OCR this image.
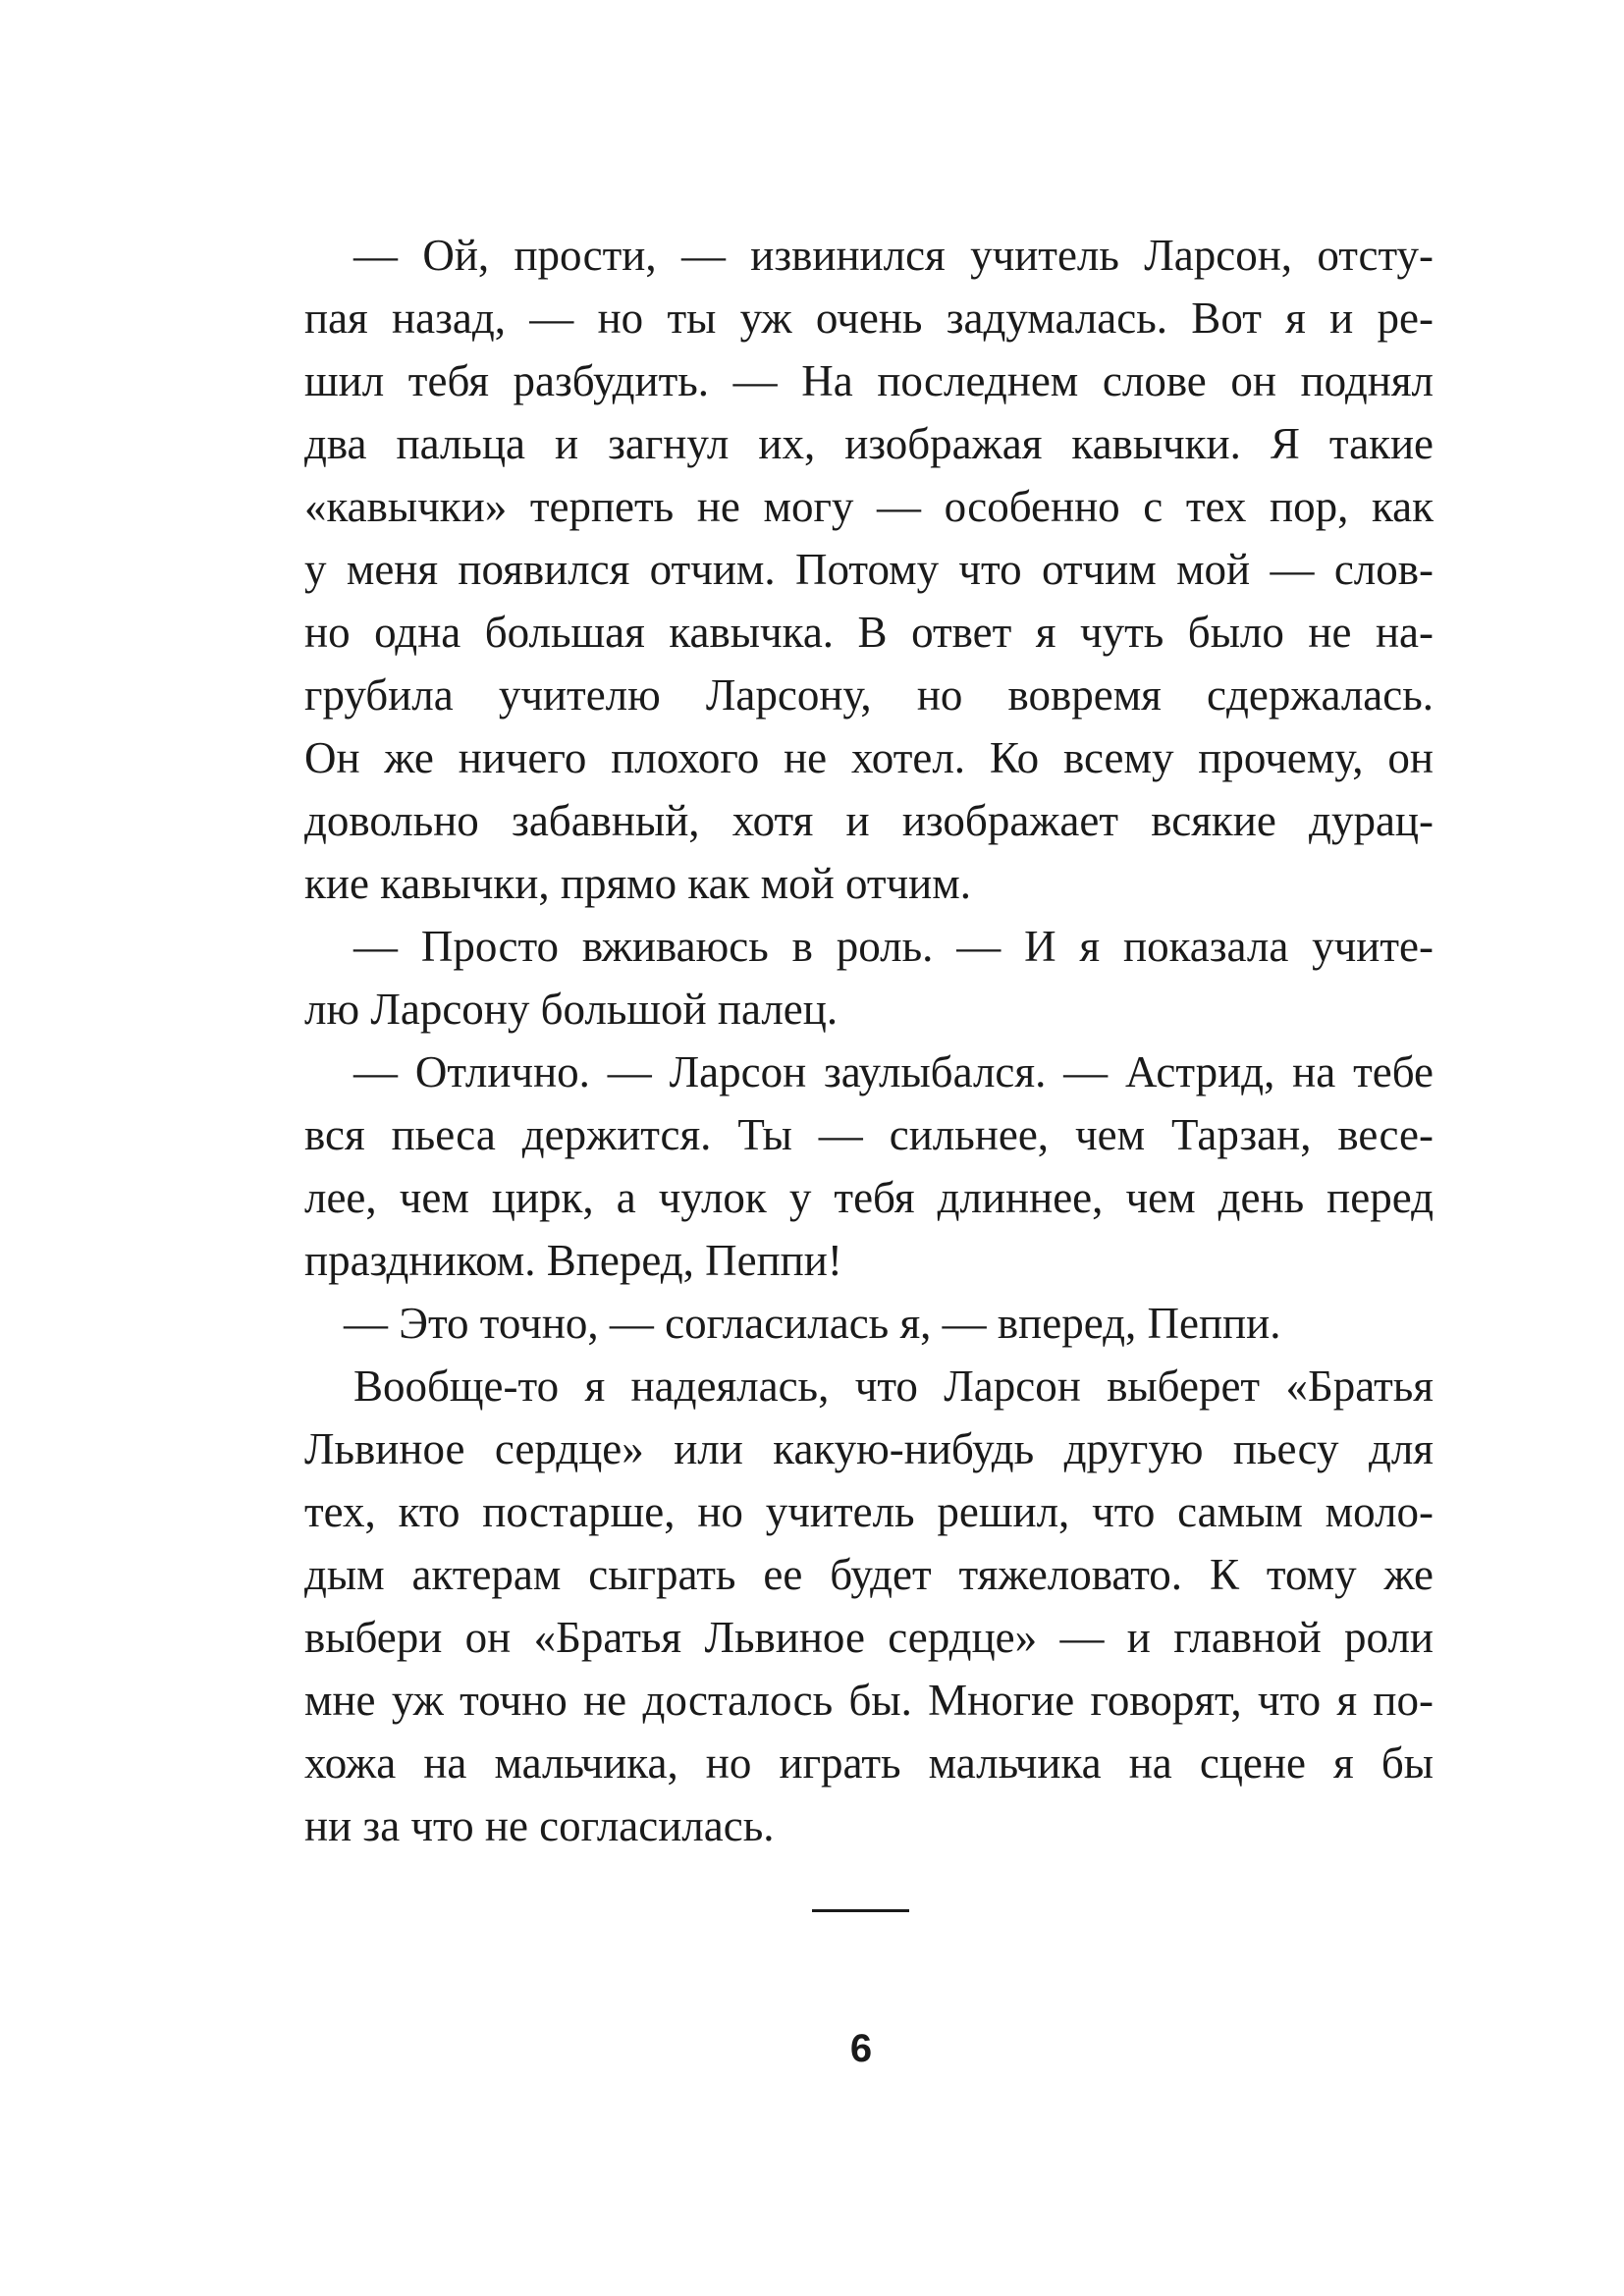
— Ой, прости, — извинился учитель Ларсон, отсту-
пая назад, — но ты уж очень задумалась. Вот я и ре-
шил тебя разбудить. — На последнем слове он поднял
два пальца и загнул их, изображая кавычки. Я такие
«кавычки» терпеть не могу — особенно с тех пор, как
у меня появился отчим. Потому что отчим мой — слов-
но одна большая кавычка. В ответ я чуть было не на-
грубила учителю Ларсону, но вовремя сдержалась.
Он же ничего плохого не хотел. Ко всему прочему, он
довольно забавный, хотя и изображает всякие дурац-
кие кавычки, прямо как мой отчим.
— Просто вживаюсь в роль. — И я показала учите-
лю Ларсону большой палец.
— Отлично. — Ларсон заулыбался. — Астрид, на тебе
вся пьеса держится. Ты — сильнее, чем Тарзан, весе-
лее, чем цирк, а чулок у тебя длиннее, чем день перед
праздником. Вперед, Пеппи!
— Это точно, — согласилась я, — вперед, Пеппи.
Вообще-то я надеялась, что Ларсон выберет «Братья
Львиное сердце» или какую-нибудь другую пьесу для
тех, кто постарше, но учитель решил, что самым моло-
дым актерам сыграть ее будет тяжеловато. К тому же
выбери он «Братья Львиное сердце» — и главной роли
мне уж точно не досталось бы. Многие говорят, что я по-
хожа на мальчика, но играть мальчика на сцене я бы
ни за что не согласилась.
6
